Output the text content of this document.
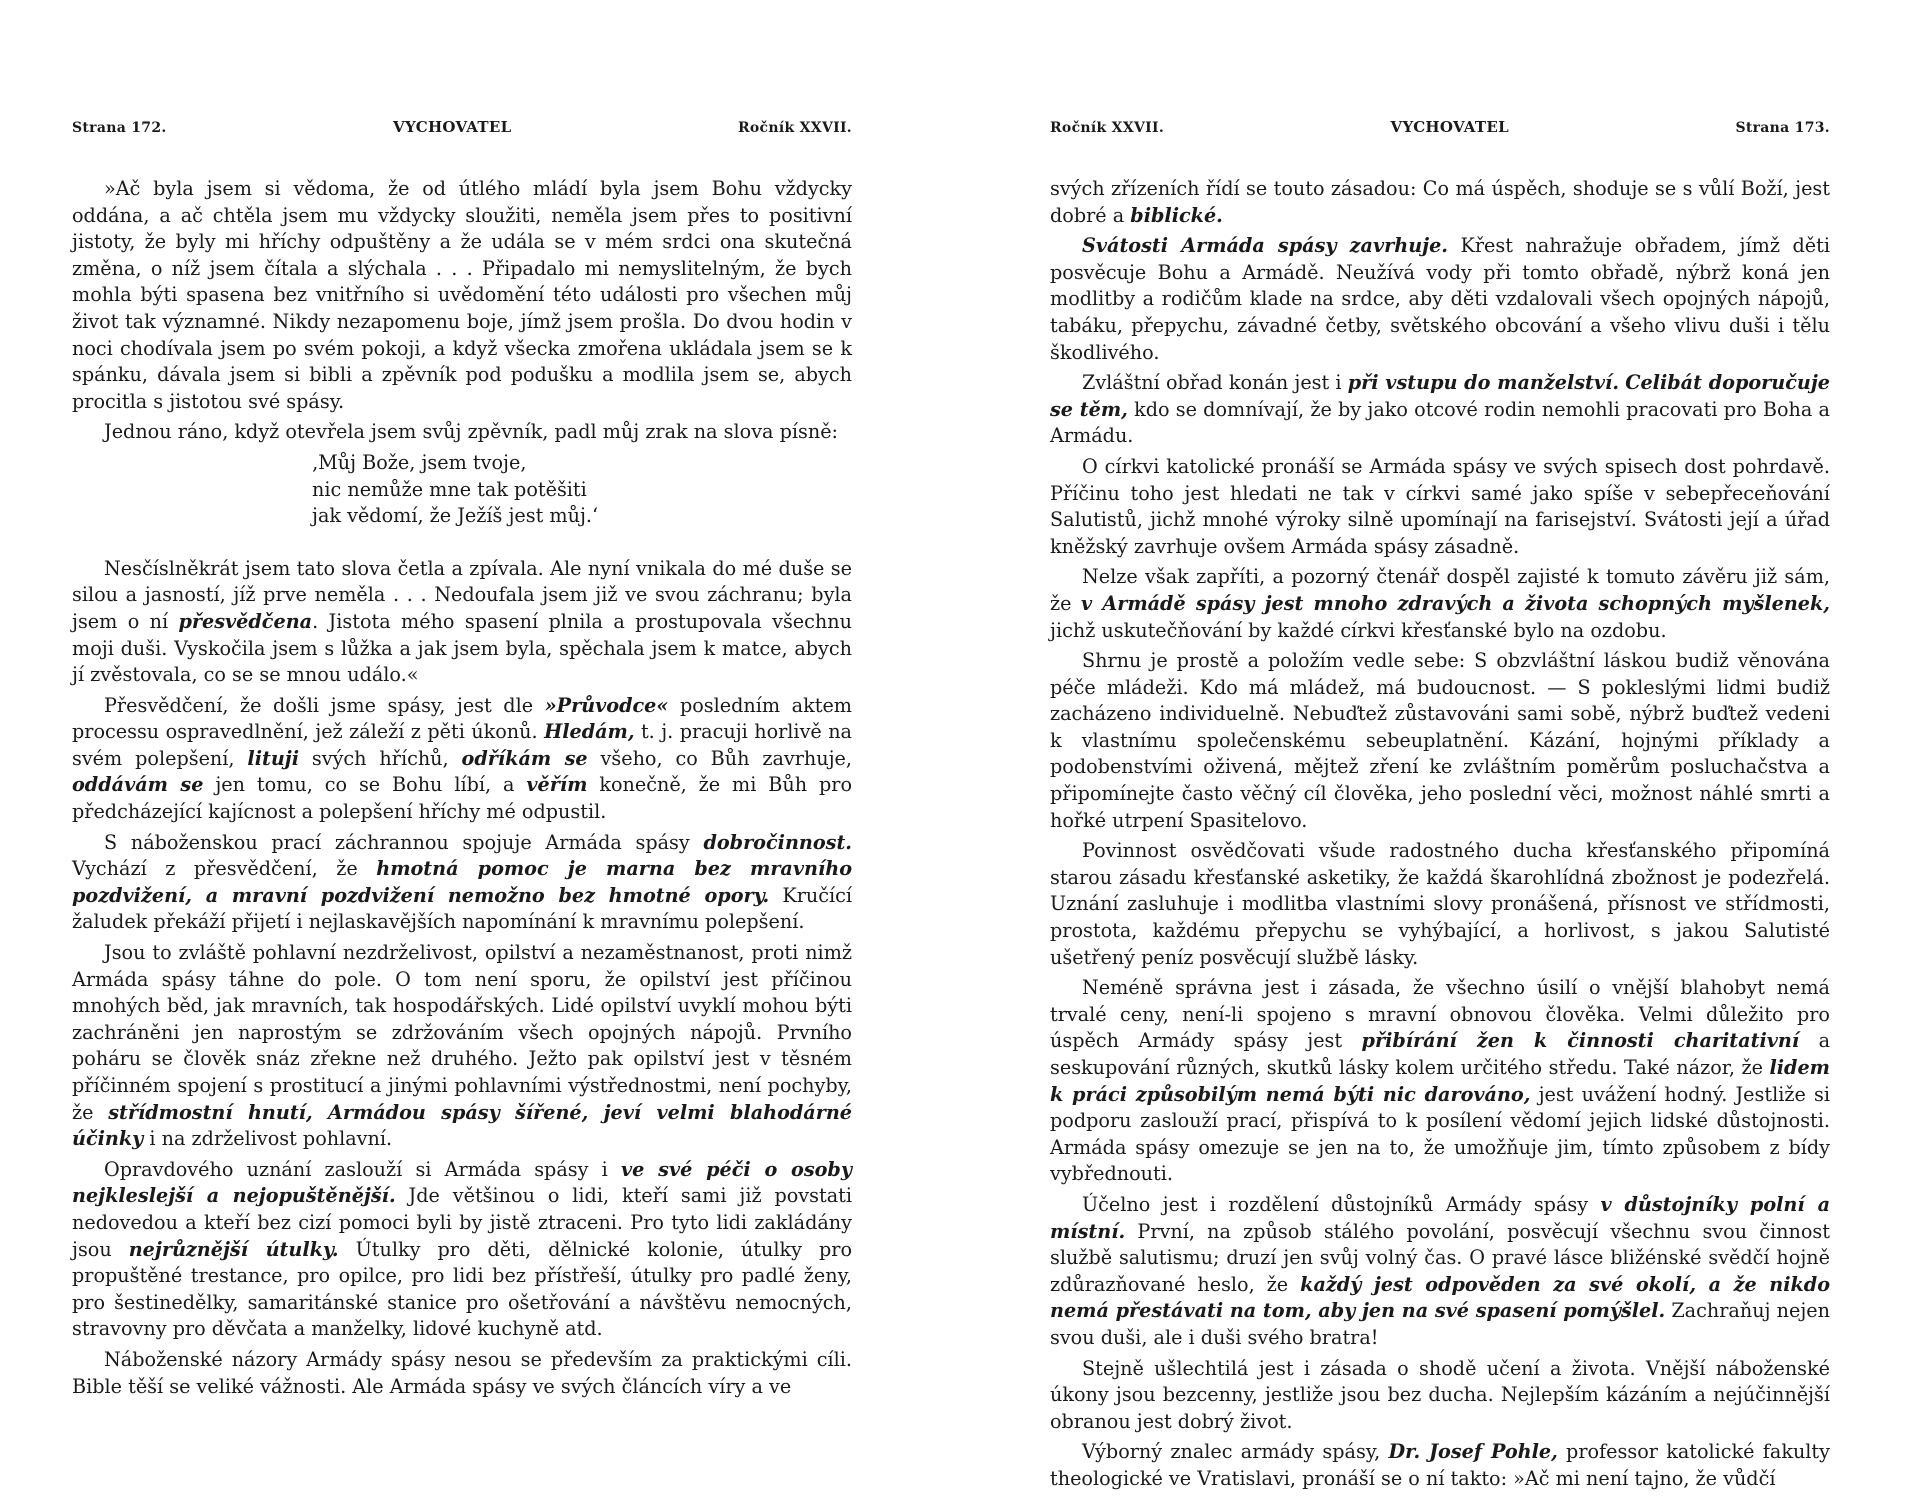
Strana 172.	VYCHOVATEL	Ročník XXVII.

»Ač byla jsem si vědoma, že od útlého mládí byla jsem Bohu vždycky oddána, a ač chtěla jsem mu vždycky sloužiti, neměla jsem přes to positivní jistoty, že byly mi hříchy odpuštěny a že udála se v mém srdci ona skutečná změna, o níž jsem čítala a slýchala . . . Připadalo mi nemyslitelným, že bych mohla býti spasena bez vnitřního si uvědomění této události pro všechen můj život tak významné. Nikdy nezapomenu boje, jímž jsem prošla. Do dvou hodin v noci chodívala jsem po svém pokoji, a když všecka zmořena ukládala jsem se k spánku, dávala jsem si bibli a zpěvník pod podušku a modlila jsem se, abych procitla s jistotou své spásy.

Jednou ráno, když otevřela jsem svůj zpěvník, padl můj zrak na slova písně:

‚Můj Bože, jsem tvoje,
nic nemůže mne tak potěšiti
jak vědomí, že Ježíš jest můj.‘

Nesčíslněkrát jsem tato slova četla a zpívala. Ale nyní vnikala do mé duše se silou a jasností, jíž prve neměla . . . Nedoufala jsem již ve svou záchranu; byla jsem o ní přesvědčena. Jistota mého spasení plnila a prostupovala všechnu moji duši. Vyskočila jsem s lůžka a jak jsem byla, spěchala jsem k matce, abych jí zvěstovala, co se se mnou událo.«

Přesvědčení, že došli jsme spásy, jest dle »Průvodce« posledním aktem processu ospravedlnění, jež záleží z pěti úkonů. Hledám, t. j. pracuji horlivě na svém polepšení, lituji svých hříchů, odříkám se všeho, co Bůh zavrhuje, oddávám se jen tomu, co se Bohu líbí, a věřím konečně, že mi Bůh pro předcházející kajícnost a polepšení hříchy mé odpustil.

S náboženskou prací záchrannou spojuje Armáda spásy dobročinnost. Vychází z přesvědčení, že hmotná pomoc je marna bez mravního pozdvižení, a mravní pozdvižení nemožno bez hmotné opory. Kručící žaludek překáží přijetí i nejlaskavějších napomínání k mravnímu polepšení.

Jsou to zvláště pohlavní nezdrželivost, opilství a nezaměstnanost, proti nimž Armáda spásy táhne do pole. O tom není sporu, že opilství jest příčinou mnohých běd, jak mravních, tak hospodářských. Lidé opilství uvyklí mohou býti zachráněni jen naprostým se zdržováním všech opojných nápojů. Prvního poháru se člověk snáz zřekne než druhého. Ježto pak opilství jest v těsném příčinném spojení s prostitucí a jinými pohlavními výstřednostmi, není pochyby, že střídmostní hnutí, Armádou spásy šířené, jeví velmi blahodárné účinky i na zdrželivost pohlavní.

Opravdového uznání zaslouží si Armáda spásy i ve své péči o osoby nejkleslejší a nejopuštěnější. Jde většinou o lidi, kteří sami již povstati nedovedou a kteří bez cizí pomoci byli by jistě ztraceni. Pro tyto lidi zakládány jsou nejrůznější útulky. Útulky pro děti, dělnické kolonie, útulky pro propuštěné trestance, pro opilce, pro lidi bez přístřeší, útulky pro padlé ženy, pro šestinedělky, samaritánské stanice pro ošetřování a návštěvu nemocných, stravovny pro děvčata a manželky, lidové kuchyně atd.

Náboženské názory Armády spásy nesou se především za praktickými cíli. Bible těší se veliké vážnosti. Ale Armáda spásy ve svých článcích víry a ve

Ročník XXVII.	VYCHOVATEL	Strana 173.

svých zřízeních řídí se touto zásadou: Co má úspěch, shoduje se s vůlí Boží, jest dobré a biblické.

Svátosti Armáda spásy zavrhuje. Křest nahražuje obřadem, jímž děti posvěcuje Bohu a Armádě. Neužívá vody při tomto obřadě, nýbrž koná jen modlitby a rodičům klade na srdce, aby děti vzdalovali všech opojných nápojů, tabáku, přepychu, závadné četby, světského obcování a všeho vlivu duši i tělu škodlivého.

Zvláštní obřad konán jest i při vstupu do manželství. Celibát doporučuje se těm, kdo se domnívají, že by jako otcové rodin nemohli pracovati pro Boha a Armádu.

O církvi katolické pronáší se Armáda spásy ve svých spisech dost pohrdavě. Příčinu toho jest hledati ne tak v církvi samé jako spíše v sebepřeceňování Salutistů, jichž mnohé výroky silně upomínají na farisejství. Svátosti její a úřad kněžský zavrhuje ovšem Armáda spásy zásadně.

Nelze však zapříti, a pozorný čtenář dospěl zajisté k tomuto závěru již sám, že v Armádě spásy jest mnoho zdravých a života schopných myšlenek, jichž uskutečňování by každé církvi křesťanské bylo na ozdobu.

Shrnu je prostě a položím vedle sebe: S obzvláštní láskou budiž věnována péče mládeži. Kdo má mládež, má budoucnost. — S pokleslými lidmi budiž zacházeno individuelně. Nebuďtež zůstavováni sami sobě, nýbrž buďtež vedeni k vlastnímu společenskému sebeuplatnění. Kázání, hojnými příklady a podobenstvími oživená, mějtež zření ke zvláštním poměrům posluchačstva a připomínejte často věčný cíl člověka, jeho poslední věci, možnost náhlé smrti a hořké utrpení Spasitelovo.

Povinnost osvědčovati všude radostného ducha křesťanského připomíná starou zásadu křesťanské asketiky, že každá škarohlídná zbožnost je podezřelá. Uznání zasluhuje i modlitba vlastními slovy pronášená, přísnost ve střídmosti, prostota, každému přepychu se vyhýbající, a horlivost, s jakou Salutisté ušetřený peníz posvěcují službě lásky.

Neméně správna jest i zásada, že všechno úsilí o vnější blahobyt nemá trvalé ceny, není-li spojeno s mravní obnovou člověka. Velmi důležito pro úspěch Armády spásy jest přibírání žen k činnosti charitativní a seskupování různých, skutků lásky kolem určitého středu. Také názor, že lidem k práci způsobilým nemá býti nic darováno, jest uvážení hodný. Jestliže si podporu zaslouží prací, přispívá to k posílení vědomí jejich lidské důstojnosti. Armáda spásy omezuje se jen na to, že umožňuje jim, tímto způsobem z bídy vybřednouti.

Účelno jest i rozdělení důstojníků Armády spásy v důstojníky polní a místní. První, na způsob stálého povolání, posvěcují všechnu svou činnost službě salutismu; druzí jen svůj volný čas. O pravé lásce bližénské svědčí hojně zdůrazňované heslo, že každý jest odpověden za své okolí, a že nikdo nemá přestávati na tom, aby jen na své spasení pomýšlel. Zachraňuj nejen svou duši, ale i duši svého bratra!

Stejně ušlechtilá jest i zásada o shodě učení a života. Vnější náboženské úkony jsou bezcenny, jestliže jsou bez ducha. Nejlepším kázáním a nejúčinnější obranou jest dobrý život.

Výborný znalec armády spásy, Dr. Josef Pohle, professor katolické fakulty theologické ve Vratislavi, pronáší se o ní takto: »Ač mi není tajno, že vůdčí
